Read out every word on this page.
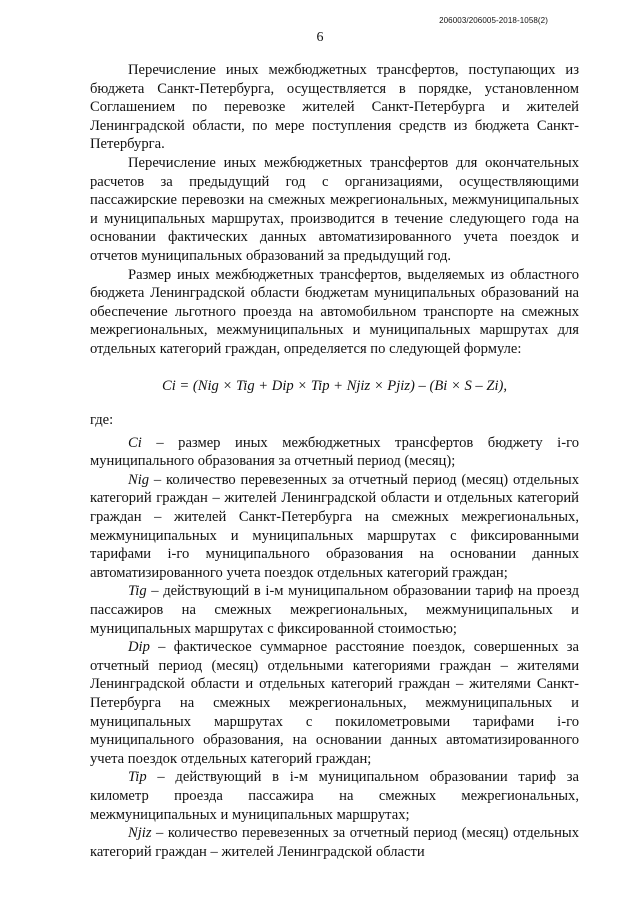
206003/206005-2018-1058(2)
6

Перечисление иных межбюджетных трансфертов, поступающих из бюджета Санкт-Петербурга, осуществляется в порядке, установленном Соглашением по перевозке жителей Санкт-Петербурга и жителей Ленинградской области, по мере поступления средств из бюджета Санкт-Петербурга.

Перечисление иных межбюджетных трансфертов для окончательных расчетов за предыдущий год с организациями, осуществляющими пассажирские перевозки на смежных межрегиональных, межмуниципальных и муниципальных маршрутах, производится в течение следующего года на основании фактических данных автоматизированного учета поездок и отчетов муниципальных образований за предыдущий год.

Размер иных межбюджетных трансфертов, выделяемых из областного бюджета Ленинградской области бюджетам муниципальных образований на обеспечение льготного проезда на автомобильном транспорте на смежных межрегиональных, межмуниципальных и муниципальных маршрутах для отдельных категорий граждан, определяется по следующей формуле:

Ci = (Nig × Tig + Dip × Tip + Njiz × Pjiz) – (Bi × S – Zi),

где:

Ci – размер иных межбюджетных трансфертов бюджету i-го муниципального образования за отчетный период (месяц);

Nig – количество перевезенных за отчетный период (месяц) отдельных категорий граждан – жителей Ленинградской области и отдельных категорий граждан – жителей Санкт-Петербурга на смежных межрегиональных, межмуниципальных и муниципальных маршрутах с фиксированными тарифами i-го муниципального образования на основании данных автоматизированного учета поездок отдельных категорий граждан;

Tig – действующий в i-м муниципальном образовании тариф на проезд пассажиров на смежных межрегиональных, межмуниципальных и муниципальных маршрутах с фиксированной стоимостью;

Dip – фактическое суммарное расстояние поездок, совершенных за отчетный период (месяц) отдельными категориями граждан – жителями Ленинградской области и отдельных категорий граждан – жителями Санкт-Петербурга на смежных межрегиональных, межмуниципальных и муниципальных маршрутах с покилометровыми тарифами i-го муниципального образования, на основании данных автоматизированного учета поездок отдельных категорий граждан;

Tip – действующий в i-м муниципальном образовании тариф за километр проезда пассажира на смежных межрегиональных, межмуниципальных и муниципальных маршрутах;

Njiz – количество перевезенных за отчетный период (месяц) отдельных категорий граждан – жителей Ленинградской области
